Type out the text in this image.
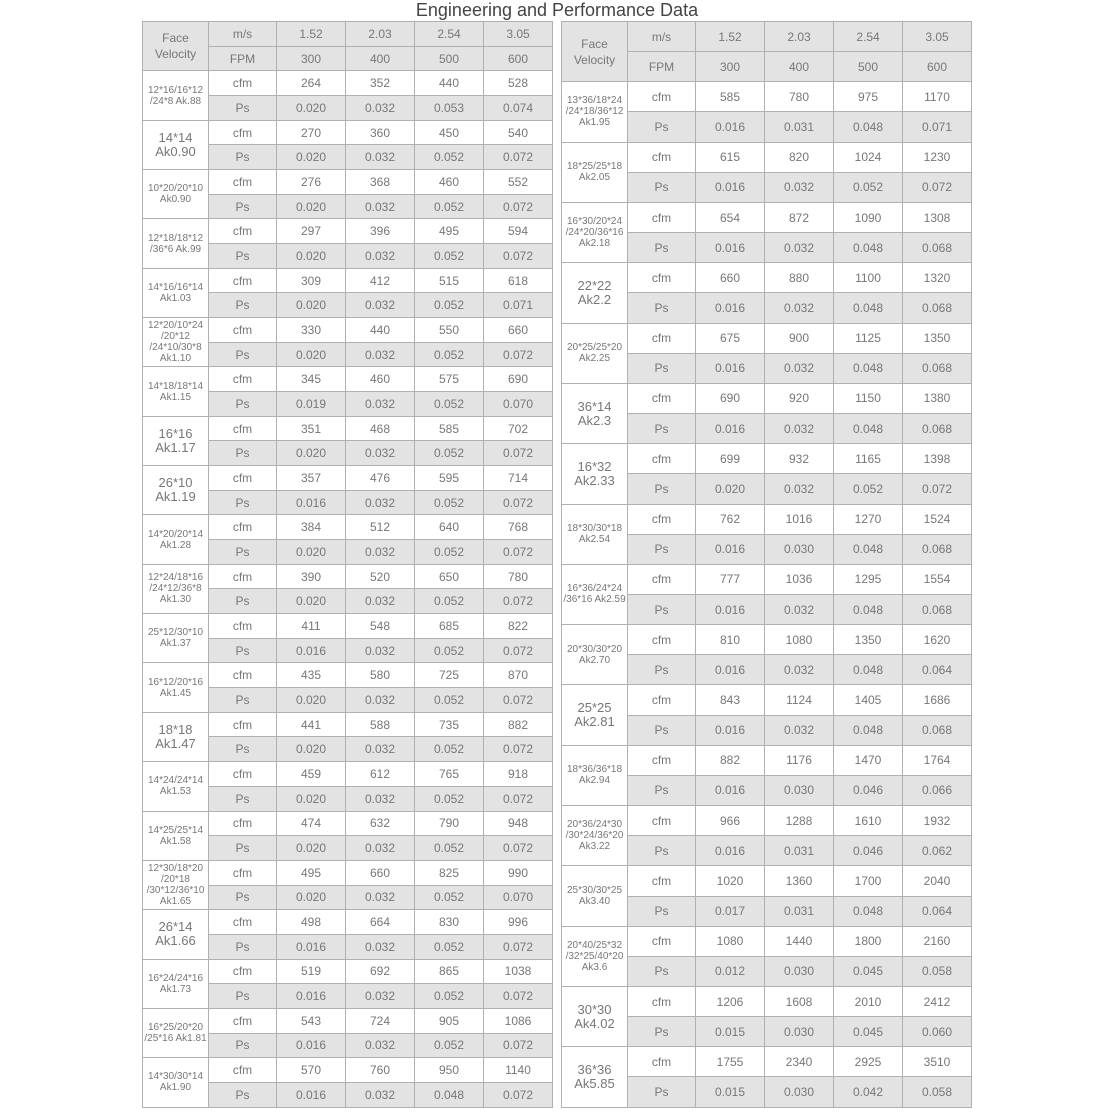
Engineering and Performance Data
Face Velocity	m/s	1.52	2.03	2.54	3.05
	FPM	300	400	500	600
12*16/16*12 /24*8 Ak.88	cfm	264	352	440	528
	Ps	0.020	0.032	0.053	0.074
14*14 Ak0.90	cfm	270	360	450	540
	Ps	0.020	0.032	0.052	0.072
10*20/20*10 Ak0.90	cfm	276	368	460	552
	Ps	0.020	0.032	0.052	0.072
12*18/18*12 /36*6 Ak.99	cfm	297	396	495	594
	Ps	0.020	0.032	0.052	0.072
14*16/16*14 Ak1.03	cfm	309	412	515	618
	Ps	0.020	0.032	0.052	0.071
12*20/10*24 /20*12 /24*10/30*8 Ak1.10	cfm	330	440	550	660
	Ps	0.020	0.032	0.052	0.072
14*18/18*14 Ak1.15	cfm	345	460	575	690
	Ps	0.019	0.032	0.052	0.070
16*16 Ak1.17	cfm	351	468	585	702
	Ps	0.020	0.032	0.052	0.072
26*10 Ak1.19	cfm	357	476	595	714
	Ps	0.016	0.032	0.052	0.072
14*20/20*14 Ak1.28	cfm	384	512	640	768
	Ps	0.020	0.032	0.052	0.072
12*24/18*16 /24*12/36*8 Ak1.30	cfm	390	520	650	780
	Ps	0.020	0.032	0.052	0.072
25*12/30*10 Ak1.37	cfm	411	548	685	822
	Ps	0.016	0.032	0.052	0.072
16*12/20*16 Ak1.45	cfm	435	580	725	870
	Ps	0.020	0.032	0.052	0.072
18*18 Ak1.47	cfm	441	588	735	882
	Ps	0.020	0.032	0.052	0.072
14*24/24*14 Ak1.53	cfm	459	612	765	918
	Ps	0.020	0.032	0.052	0.072
14*25/25*14 Ak1.58	cfm	474	632	790	948
	Ps	0.020	0.032	0.052	0.072
12*30/18*20 /20*18 /30*12/36*10 Ak1.65	cfm	495	660	825	990
	Ps	0.020	0.032	0.052	0.070
26*14 Ak1.66	cfm	498	664	830	996
	Ps	0.016	0.032	0.052	0.072
16*24/24*16 Ak1.73	cfm	519	692	865	1038
	Ps	0.016	0.032	0.052	0.072
16*25/20*20 /25*16 Ak1.81	cfm	543	724	905	1086
	Ps	0.016	0.032	0.052	0.072
14*30/30*14 Ak1.90	cfm	570	760	950	1140
	Ps	0.016	0.032	0.048	0.072
Face Velocity	m/s	1.52	2.03	2.54	3.05
	FPM	300	400	500	600
13*36/18*24 /24*18/36*12 Ak1.95	cfm	585	780	975	1170
	Ps	0.016	0.031	0.048	0.071
18*25/25*18 Ak2.05	cfm	615	820	1024	1230
	Ps	0.016	0.032	0.052	0.072
16*30/20*24 /24*20/36*16 Ak2.18	cfm	654	872	1090	1308
	Ps	0.016	0.032	0.048	0.068
22*22 Ak2.2	cfm	660	880	1100	1320
	Ps	0.016	0.032	0.048	0.068
20*25/25*20 Ak2.25	cfm	675	900	1125	1350
	Ps	0.016	0.032	0.048	0.068
36*14 Ak2.3	cfm	690	920	1150	1380
	Ps	0.016	0.032	0.048	0.068
16*32 Ak2.33	cfm	699	932	1165	1398
	Ps	0.020	0.032	0.052	0.072
18*30/30*18 Ak2.54	cfm	762	1016	1270	1524
	Ps	0.016	0.030	0.048	0.068
16*36/24*24 /36*16 Ak2.59	cfm	777	1036	1295	1554
	Ps	0.016	0.032	0.048	0.068
20*30/30*20 Ak2.70	cfm	810	1080	1350	1620
	Ps	0.016	0.032	0.048	0.064
25*25 Ak2.81	cfm	843	1124	1405	1686
	Ps	0.016	0.032	0.048	0.068
18*36/36*18 Ak2.94	cfm	882	1176	1470	1764
	Ps	0.016	0.030	0.046	0.066
20*36/24*30 /30*24/36*20 Ak3.22	cfm	966	1288	1610	1932
	Ps	0.016	0.031	0.046	0.062
25*30/30*25 Ak3.40	cfm	1020	1360	1700	2040
	Ps	0.017	0.031	0.048	0.064
20*40/25*32 /32*25/40*20 Ak3.6	cfm	1080	1440	1800	2160
	Ps	0.012	0.030	0.045	0.058
30*30 Ak4.02	cfm	1206	1608	2010	2412
	Ps	0.015	0.030	0.045	0.060
36*36 Ak5.85	cfm	1755	2340	2925	3510
	Ps	0.015	0.030	0.042	0.058
